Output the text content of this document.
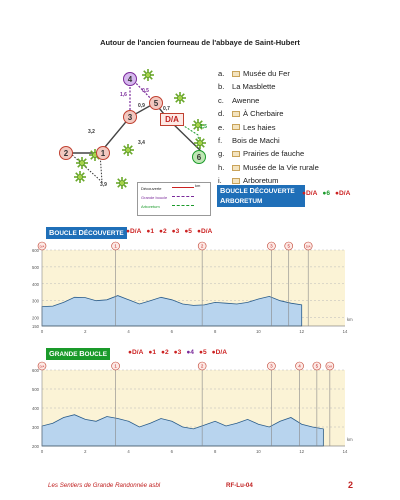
Autour de l'ancien fourneau de l'abbaye de Saint-Hubert
1
2
3
4
5
6
D/A
1,6
0,5
0,9	0,7
3,2
3,4
1,5
3,9
Découverte
Grande boucle
Arboretum
km
a.	Musée du Fer
b.	La Masblette
c.	Awenne
d.	À Cherbaire
e.	Les haies
f.	Bois de Machi
g.	Prairies de fauche
h.	Musée de la Vie rurale
i.	Arboretum
BOUCLE DÉCOUVERTE
ARBORETUM
●D/A ●6 ●D/A
BOUCLE DÉCOUVERTE ●D/A ●1 ●2 ●3 ●5 ●D/A
150
200
300
400
500
600
0	2	4	6	8	10	12	14
km
D/A	1	2	3	5	D/A
GRANDE BOUCLE	●D/A ●1 ●2 ●3 ●4 ●5 ●D/A
200
300
400
500
600
0	2	4	6	8	10	12	14
km
D/A	1	2	3	4	5	D/A
Les Sentiers de Grande Randonnée asbl	RF-Lu-04	2
